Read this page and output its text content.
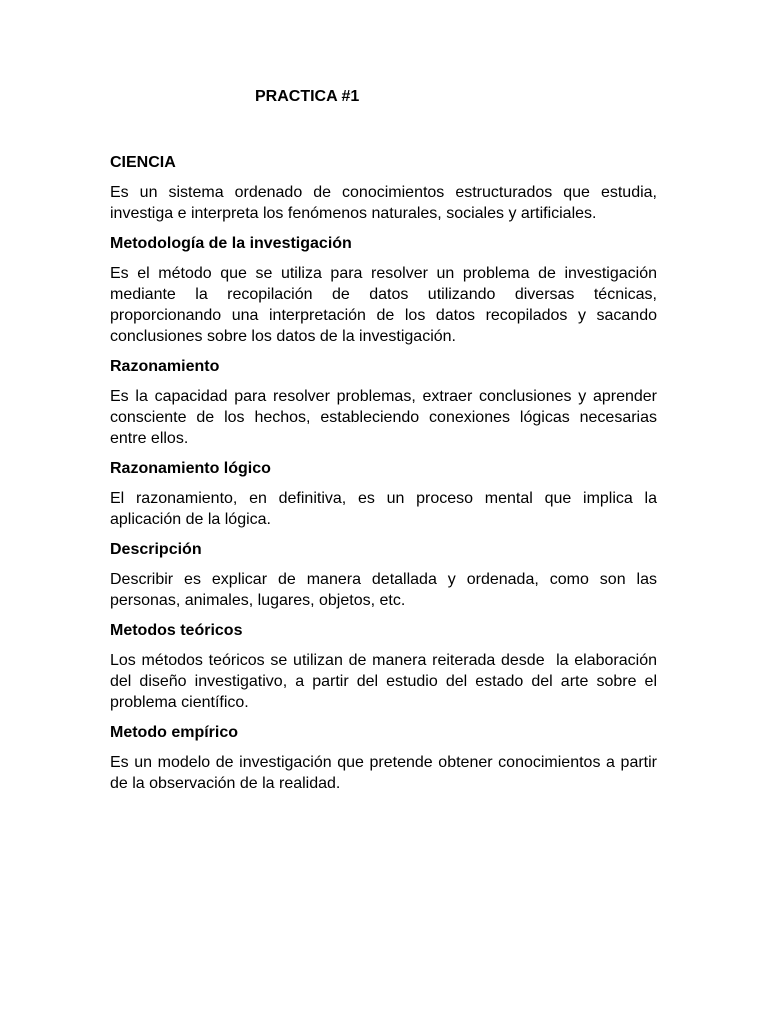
PRACTICA #1
CIENCIA

Es un sistema ordenado de conocimientos estructurados que estudia, investiga e interpreta los fenómenos naturales, sociales y artificiales.

Metodología de la investigación

Es el método que se utiliza para resolver un problema de investigación mediante la recopilación de datos utilizando diversas técnicas, proporcionando una interpretación de los datos recopilados y sacando conclusiones sobre los datos de la investigación.

Razonamiento

Es la capacidad para resolver problemas, extraer conclusiones y aprender consciente de los hechos, estableciendo conexiones lógicas necesarias  entre ellos.

Razonamiento lógico

El razonamiento, en definitiva, es un proceso mental que implica la aplicación de la lógica.

Descripción

Describir es explicar de manera detallada y ordenada, como son las personas, animales, lugares, objetos, etc.

Metodos teóricos

Los métodos teóricos se utilizan de manera reiterada desde  la elaboración del diseño investigativo, a partir del estudio del estado del arte sobre el problema científico.

Metodo empírico

Es un modelo de investigación que pretende obtener conocimientos a partir de la observación de la realidad.
